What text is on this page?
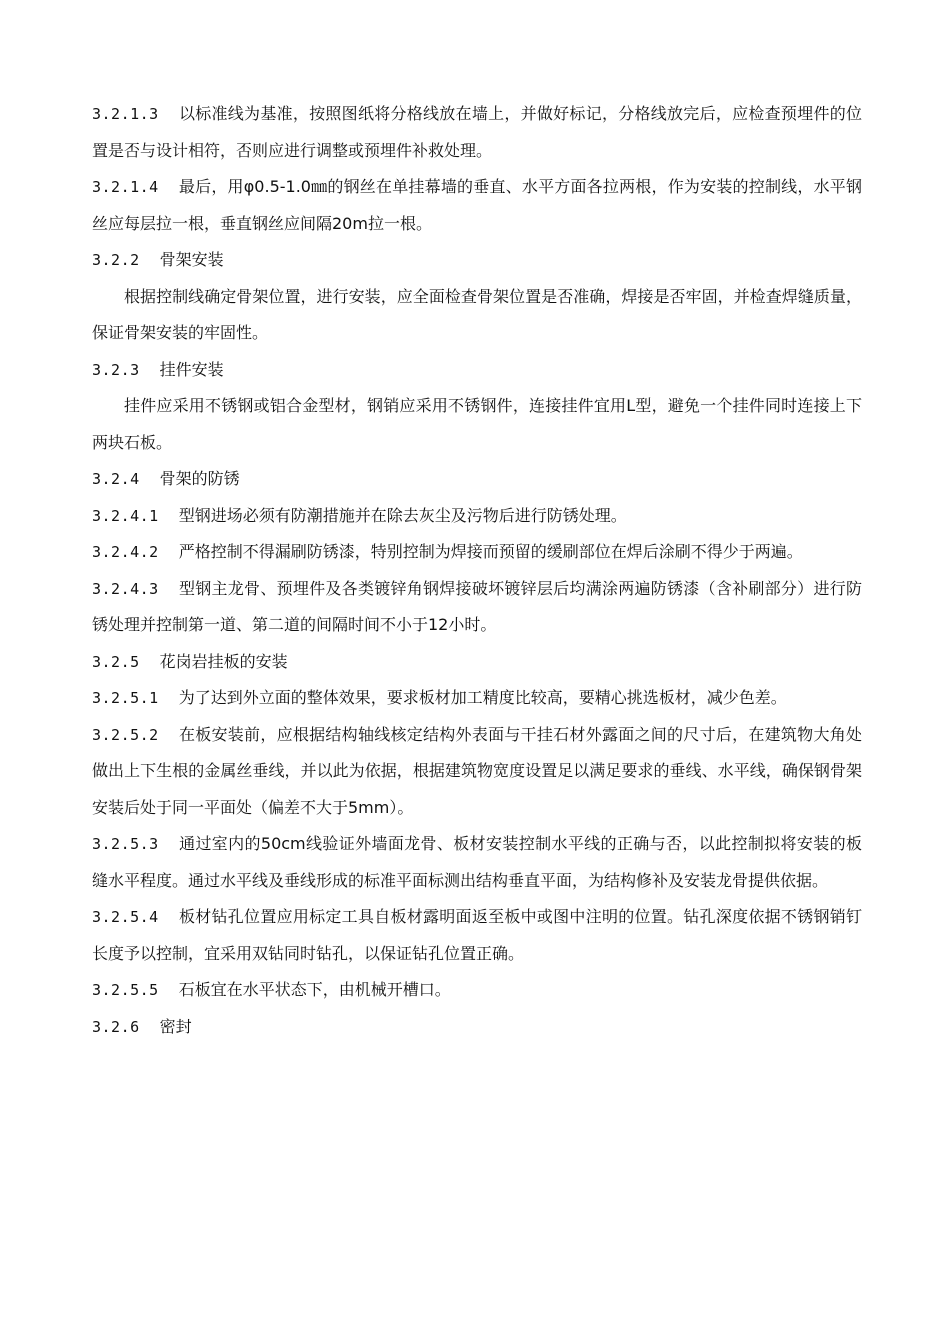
3.2.1.3 以标准线为基准，按照图纸将分格线放在墙上，并做好标记，分格线放完后，应检查预埋件的位置是否与设计相符，否则应进行调整或预埋件补救处理。

3.2.1.4 最后，用φ0.5-1.0㎜的钢丝在单挂幕墙的垂直、水平方面各拉两根，作为安装的控制线，水平钢丝应每层拉一根，垂直钢丝应间隔20m拉一根。

3.2.2 骨架安装

根据控制线确定骨架位置，进行安装，应全面检查骨架位置是否准确，焊接是否牢固，并检查焊缝质量，保证骨架安装的牢固性。

3.2.3 挂件安装

挂件应采用不锈钢或铝合金型材，钢销应采用不锈钢件，连接挂件宜用L型，避免一个挂件同时连接上下两块石板。

3.2.4 骨架的防锈

3.2.4.1 型钢进场必须有防潮措施并在除去灰尘及污物后进行防锈处理。

3.2.4.2 严格控制不得漏刷防锈漆，特别控制为焊接而预留的缓刷部位在焊后涂刷不得少于两遍。

3.2.4.3 型钢主龙骨、预埋件及各类镀锌角钢焊接破坏镀锌层后均满涂两遍防锈漆（含补刷部分）进行防锈处理并控制第一道、第二道的间隔时间不小于12小时。

3.2.5 花岗岩挂板的安装

3.2.5.1 为了达到外立面的整体效果，要求板材加工精度比较高，要精心挑选板材，减少色差。

3.2.5.2 在板安装前，应根据结构轴线核定结构外表面与干挂石材外露面之间的尺寸后，在建筑物大角处做出上下生根的金属丝垂线，并以此为依据，根据建筑物宽度设置足以满足要求的垂线、水平线，确保钢骨架安装后处于同一平面处（偏差不大于5mm）。

3.2.5.3 通过室内的50cm线验证外墙面龙骨、板材安装控制水平线的正确与否，以此控制拟将安装的板缝水平程度。通过水平线及垂线形成的标准平面标测出结构垂直平面，为结构修补及安装龙骨提供依据。

3.2.5.4 板材钻孔位置应用标定工具自板材露明面返至板中或图中注明的位置。钻孔深度依据不锈钢销钉长度予以控制，宜采用双钻同时钻孔，以保证钻孔位置正确。

3.2.5.5 石板宜在水平状态下，由机械开槽口。

3.2.6 密封
